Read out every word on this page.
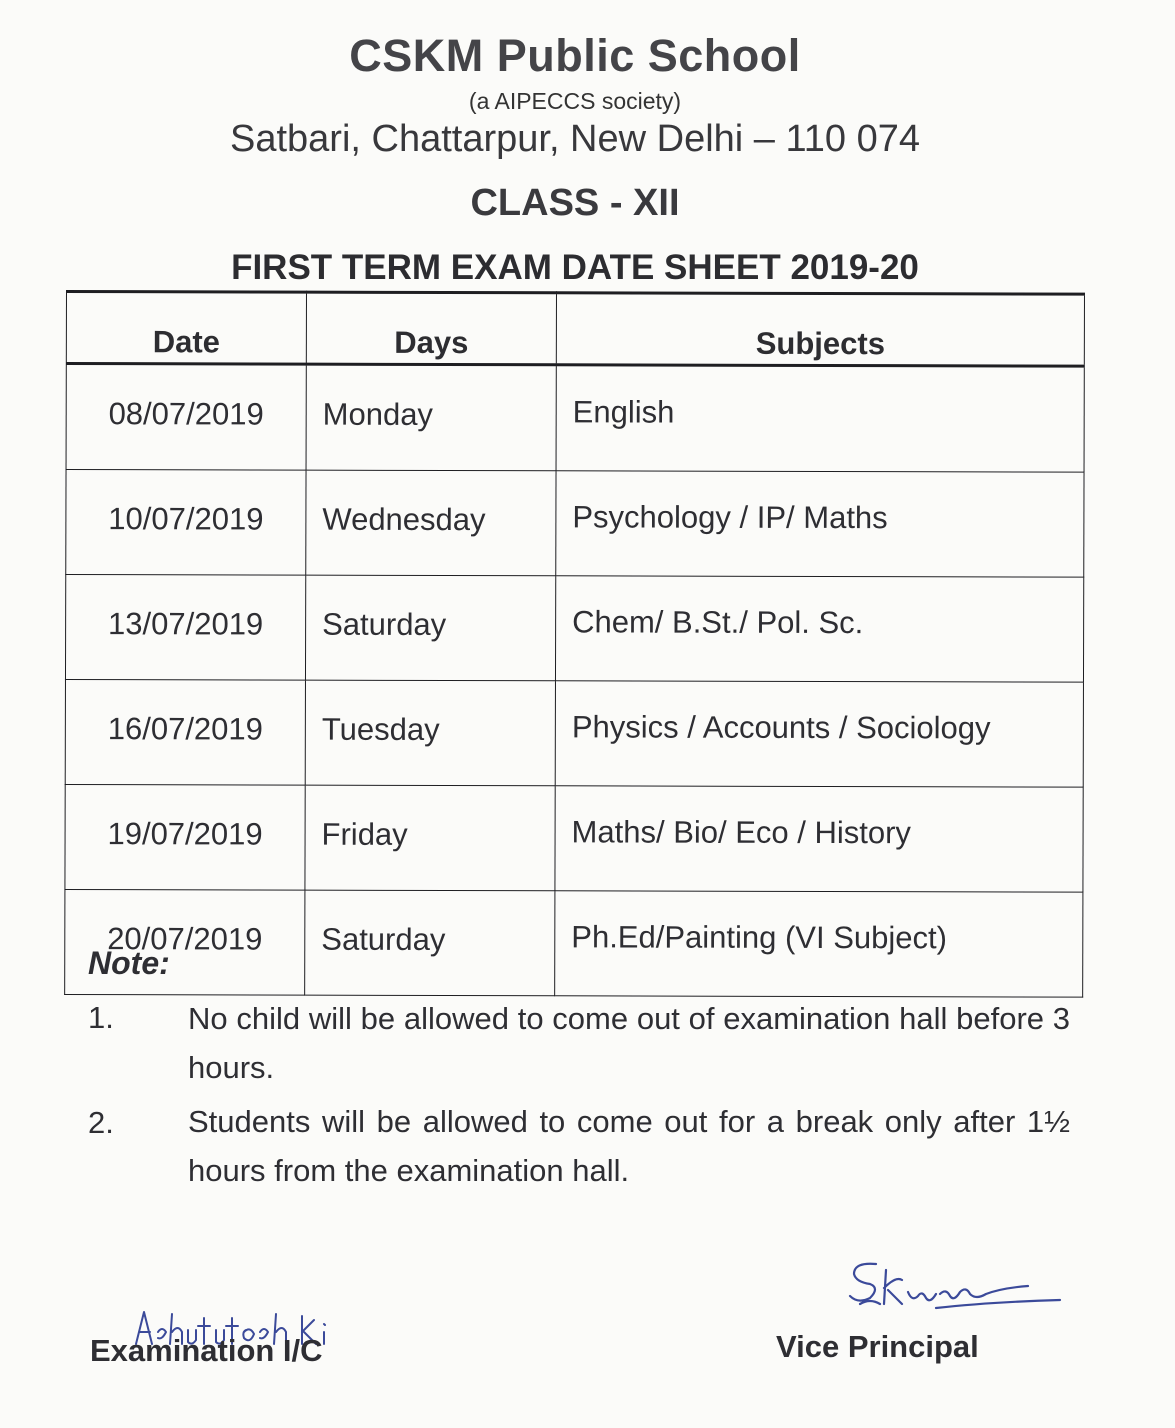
CSKM Public School
(a AIPECCS society)
Satbari, Chattarpur, New Delhi – 110 074
CLASS - XII
FIRST TERM EXAM DATE SHEET 2019-20
Date	Days	Subjects
08/07/2019	Monday	English
10/07/2019	Wednesday	Psychology / IP/ Maths
13/07/2019	Saturday	Chem/ B.St./ Pol. Sc.
16/07/2019	Tuesday	Physics / Accounts / Sociology
19/07/2019	Friday	Maths/ Bio/ Eco / History
20/07/2019	Saturday	Ph.Ed/Painting (VI Subject)
Note:
1. No child will be allowed to come out of examination hall before 3 hours.
2. Students will be allowed to come out for a break only after 1½ hours from the examination hall.
Examination I/C	Vice Principal
